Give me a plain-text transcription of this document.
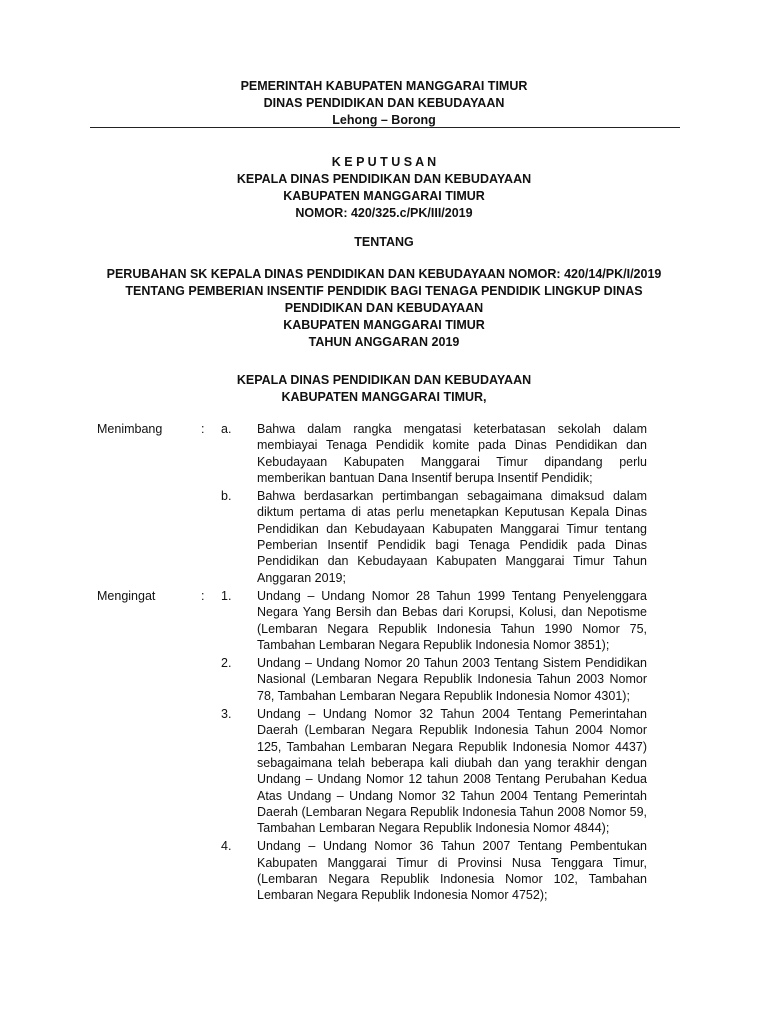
PEMERINTAH KABUPATEN MANGGARAI TIMUR
DINAS PENDIDIKAN DAN KEBUDAYAAN
Lehong – Borong
K E P U T U S A N
KEPALA DINAS PENDIDIKAN DAN KEBUDAYAAN
KABUPATEN MANGGARAI TIMUR
NOMOR: 420/325.c/PK/III/2019
TENTANG
PERUBAHAN SK KEPALA DINAS PENDIDIKAN DAN KEBUDAYAAN NOMOR: 420/14/PK/I/2019
TENTANG PEMBERIAN INSENTIF PENDIDIK BAGI TENAGA PENDIDIK LINGKUP DINAS
PENDIDIKAN DAN KEBUDAYAAN
KABUPATEN MANGGARAI TIMUR
TAHUN ANGGARAN 2019
KEPALA DINAS PENDIDIKAN DAN KEBUDAYAAN
KABUPATEN MANGGARAI TIMUR,
Menimbang	: a. Bahwa dalam rangka mengatasi keterbatasan sekolah dalam membiayai Tenaga Pendidik komite pada Dinas Pendidikan dan Kebudayaan Kabupaten Manggarai Timur dipandang perlu memberikan bantuan Dana Insentif berupa Insentif Pendidik;
b. Bahwa berdasarkan pertimbangan sebagaimana dimaksud dalam diktum pertama di atas perlu menetapkan Keputusan Kepala Dinas Pendidikan dan Kebudayaan Kabupaten Manggarai Timur tentang Pemberian Insentif Pendidik bagi Tenaga Pendidik pada Dinas Pendidikan dan Kebudayaan Kabupaten Manggarai Timur Tahun Anggaran 2019;
Mengingat	: 1. Undang – Undang Nomor 28 Tahun 1999 Tentang Penyelenggara Negara Yang Bersih dan Bebas dari Korupsi, Kolusi, dan Nepotisme (Lembaran Negara Republik Indonesia Tahun 1990 Nomor 75, Tambahan Lembaran Negara Republik Indonesia Nomor 3851);
2. Undang – Undang Nomor 20 Tahun 2003 Tentang Sistem Pendidikan Nasional (Lembaran Negara Republik Indonesia Tahun 2003 Nomor 78, Tambahan Lembaran Negara Republik Indonesia Nomor 4301);
3. Undang – Undang Nomor 32 Tahun 2004 Tentang Pemerintahan Daerah (Lembaran Negara Republik Indonesia Tahun 2004 Nomor 125, Tambahan Lembaran Negara Republik Indonesia Nomor 4437) sebagaimana telah beberapa kali diubah dan yang terakhir dengan Undang – Undang Nomor 12 tahun 2008 Tentang Perubahan Kedua Atas Undang – Undang Nomor 32 Tahun 2004 Tentang Pemerintah Daerah (Lembaran Negara Republik Indonesia Tahun 2008 Nomor 59, Tambahan Lembaran Negara Republik Indonesia Nomor 4844);
4. Undang – Undang Nomor 36 Tahun 2007 Tentang Pembentukan Kabupaten Manggarai Timur di Provinsi Nusa Tenggara Timur, (Lembaran Negara Republik Indonesia Nomor 102, Tambahan Lembaran Negara Republik Indonesia Nomor 4752);
